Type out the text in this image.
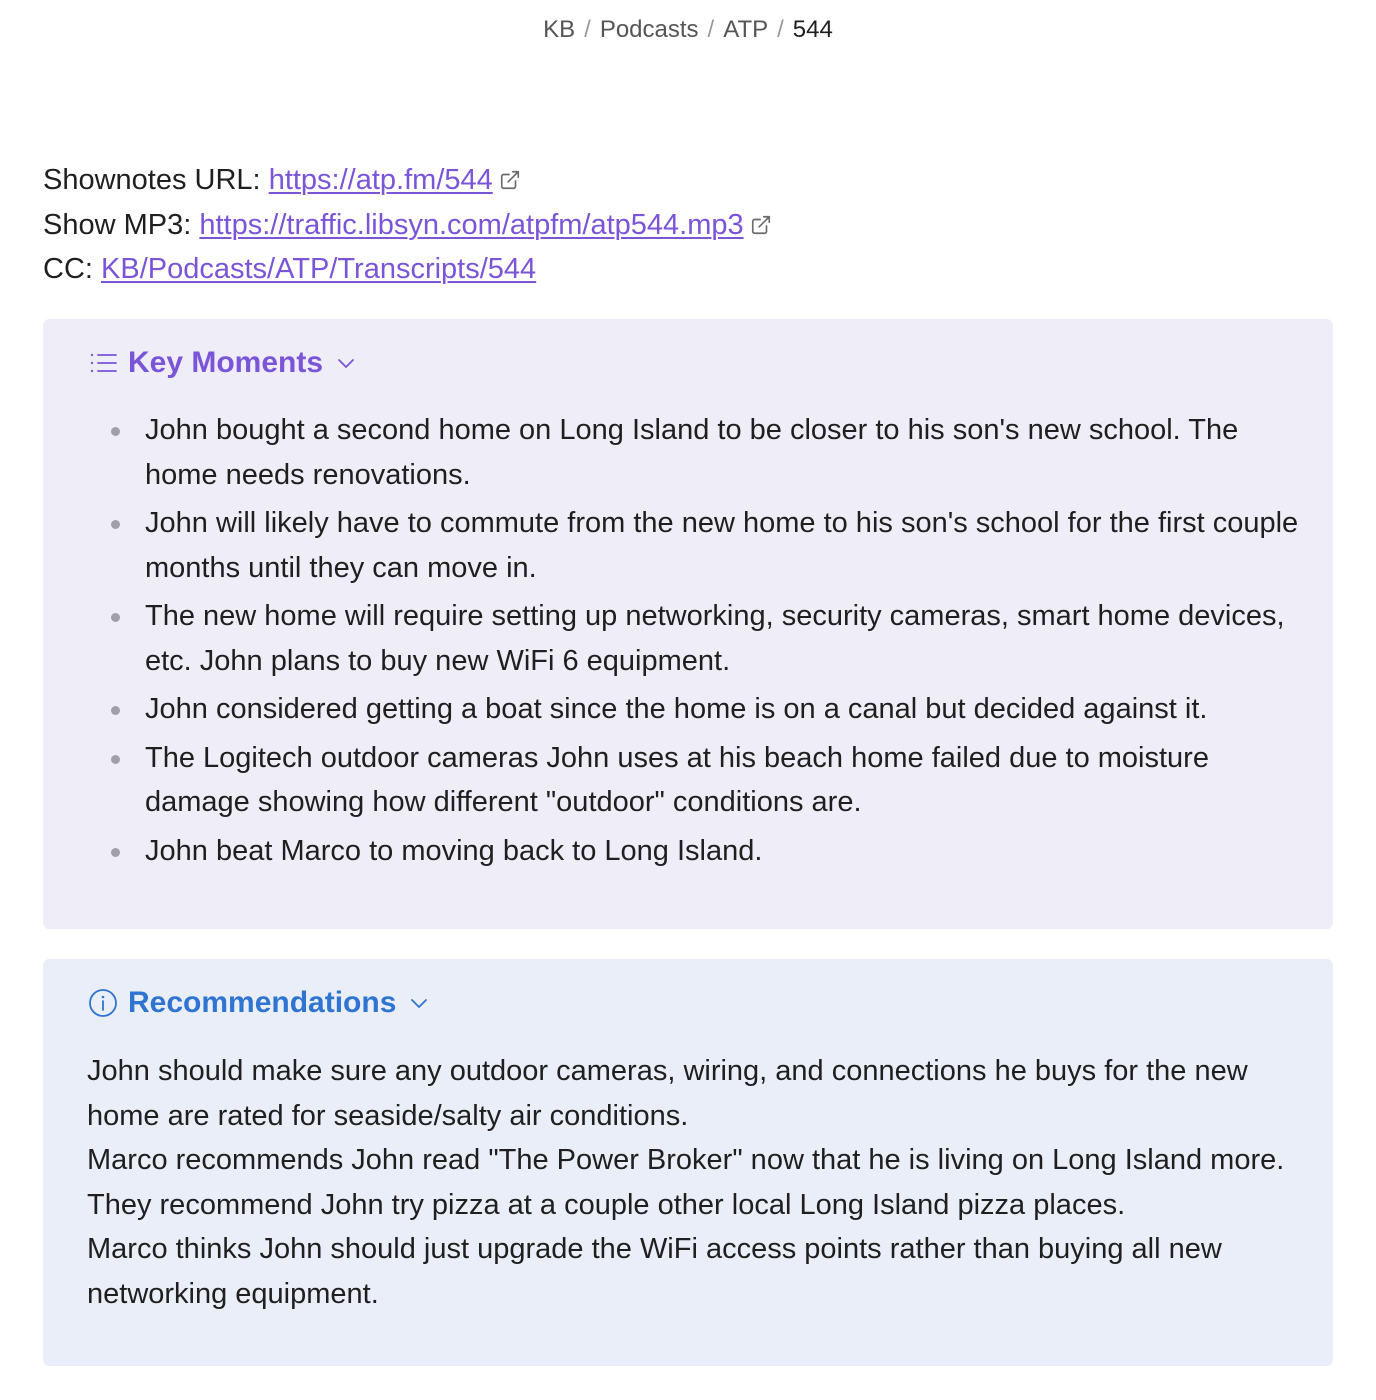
KB / Podcasts / ATP / 544
Shownotes URL: https://atp.fm/544
Show MP3: https://traffic.libsyn.com/atpfm/atp544.mp3
CC: KB/Podcasts/ATP/Transcripts/544
Key Moments
John bought a second home on Long Island to be closer to his son's new school. The home needs renovations.
John will likely have to commute from the new home to his son's school for the first couple months until they can move in.
The new home will require setting up networking, security cameras, smart home devices, etc. John plans to buy new WiFi 6 equipment.
John considered getting a boat since the home is on a canal but decided against it.
The Logitech outdoor cameras John uses at his beach home failed due to moisture damage showing how different "outdoor" conditions are.
John beat Marco to moving back to Long Island.
Recommendations

John should make sure any outdoor cameras, wiring, and connections he buys for the new home are rated for seaside/salty air conditions.

Marco recommends John read "The Power Broker" now that he is living on Long Island more.

They recommend John try pizza at a couple other local Long Island pizza places.

Marco thinks John should just upgrade the WiFi access points rather than buying all new networking equipment.
